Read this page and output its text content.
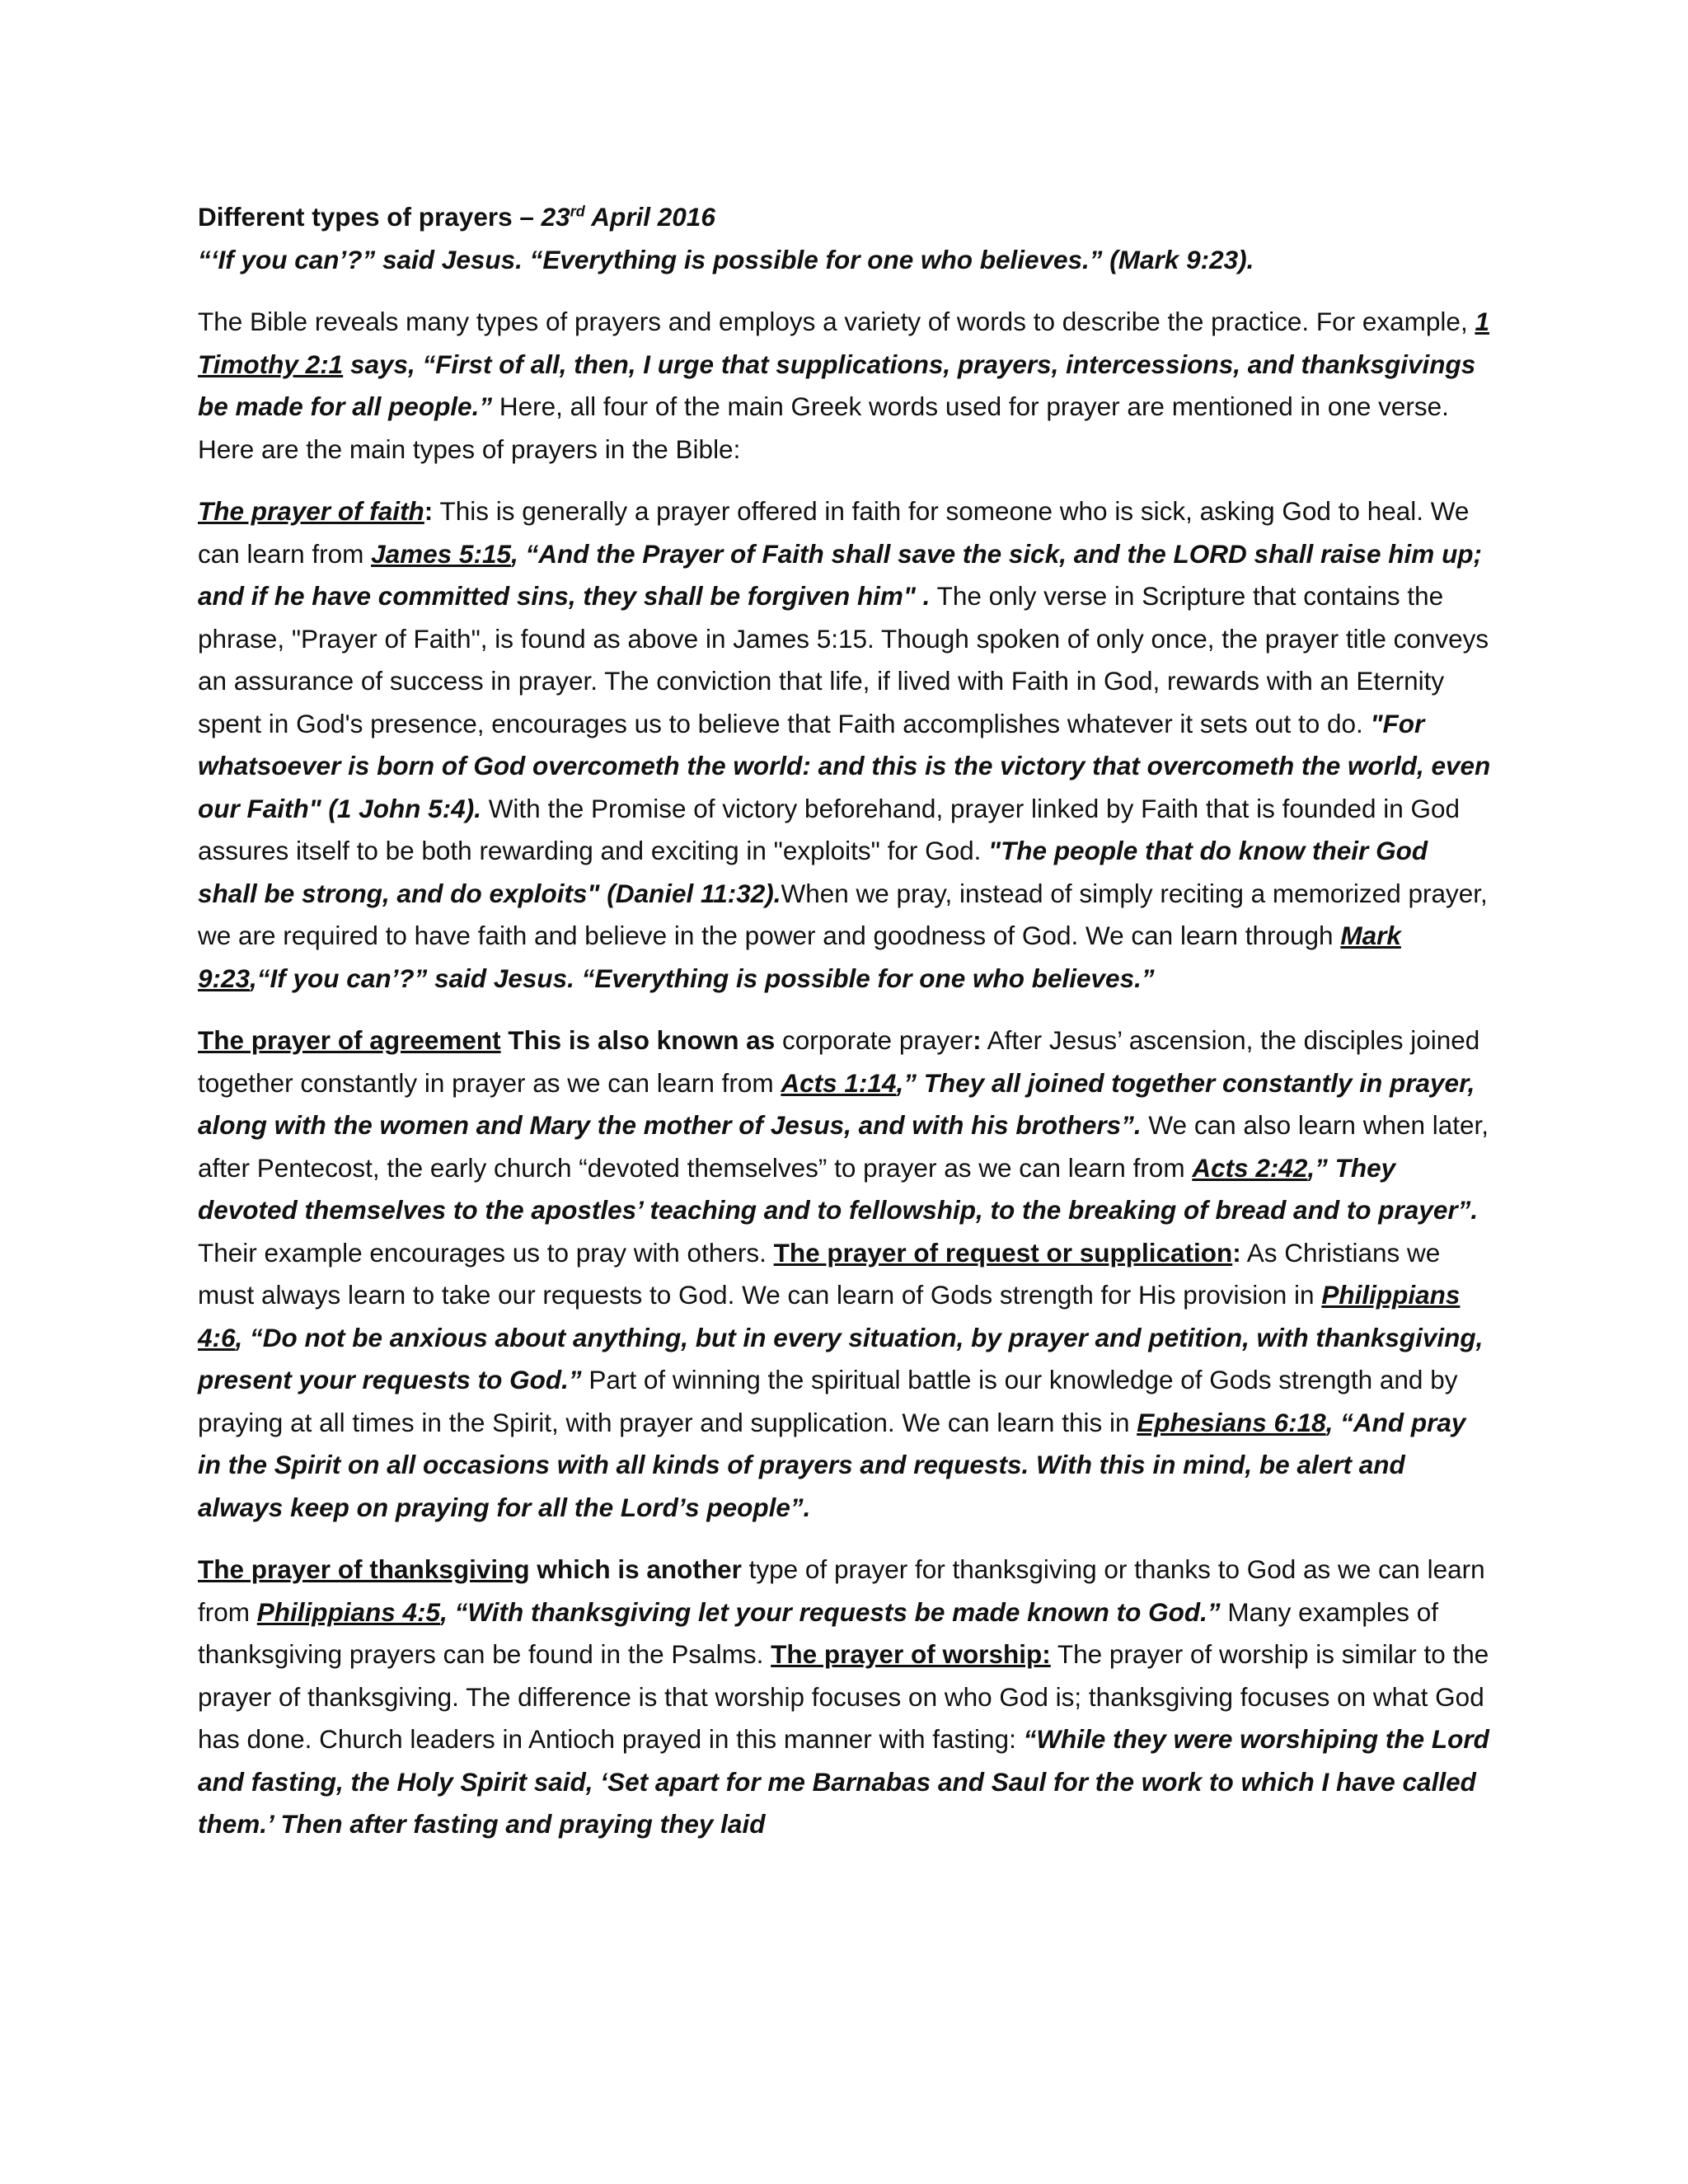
Different types of prayers – 23rd April 2016
“‘If you can’?” said Jesus. “Everything is possible for one who believes.” (Mark 9:23).

The Bible reveals many types of prayers and employs a variety of words to describe the practice. For example, 1 Timothy 2:1 says, “First of all, then, I urge that supplications, prayers, intercessions, and thanksgivings be made for all people.” Here, all four of the main Greek words used for prayer are mentioned in one verse. Here are the main types of prayers in the Bible:

The prayer of faith: This is generally a prayer offered in faith for someone who is sick, asking God to heal. We can learn from James 5:15, “And the Prayer of Faith shall save the sick, and the LORD shall raise him up; and if he have committed sins, they shall be forgiven him" . The only verse in Scripture that contains the phrase, "Prayer of Faith", is found as above in James 5:15. Though spoken of only once, the prayer title conveys an assurance of success in prayer. The conviction that life, if lived with Faith in God, rewards with an Eternity spent in God's presence, encourages us to believe that Faith accomplishes whatever it sets out to do. "For whatsoever is born of God overcometh the world: and this is the victory that overcometh the world, even our Faith" (1 John 5:4). With the Promise of victory beforehand, prayer linked by Faith that is founded in God assures itself to be both rewarding and exciting in "exploits" for God. "The people that do know their God shall be strong, and do exploits" (Daniel 11:32).When we pray, instead of simply reciting a memorized prayer, we are required to have faith and believe in the power and goodness of God. We can learn through Mark 9:23,“If you can’?” said Jesus. “Everything is possible for one who believes.”

The prayer of agreement This is also known as corporate prayer: After Jesus’ ascension, the disciples joined together constantly in prayer as we can learn from Acts 1:14,” They all joined together constantly in prayer, along with the women and Mary the mother of Jesus, and with his brothers”. We can also learn when later, after Pentecost, the early church “devoted themselves” to prayer as we can learn from Acts 2:42,” They devoted themselves to the apostles’ teaching and to fellowship, to the breaking of bread and to prayer”. Their example encourages us to pray with others. The prayer of request or supplication: As Christians we must always learn to take our requests to God. We can learn of Gods strength for His provision in Philippians 4:6, “Do not be anxious about anything, but in every situation, by prayer and petition, with thanksgiving, present your requests to God.” Part of winning the spiritual battle is our knowledge of Gods strength and by praying at all times in the Spirit, with prayer and supplication. We can learn this in Ephesians 6:18, “And pray in the Spirit on all occasions with all kinds of prayers and requests. With this in mind, be alert and always keep on praying for all the Lord’s people”.

The prayer of thanksgiving which is another type of prayer for thanksgiving or thanks to God as we can learn from Philippians 4:5, “With thanksgiving let your requests be made known to God.” Many examples of thanksgiving prayers can be found in the Psalms. The prayer of worship: The prayer of worship is similar to the prayer of thanksgiving. The difference is that worship focuses on who God is; thanksgiving focuses on what God has done. Church leaders in Antioch prayed in this manner with fasting: “While they were worshiping the Lord and fasting, the Holy Spirit said, ‘Set apart for me Barnabas and Saul for the work to which I have called them.’ Then after fasting and praying they laid
